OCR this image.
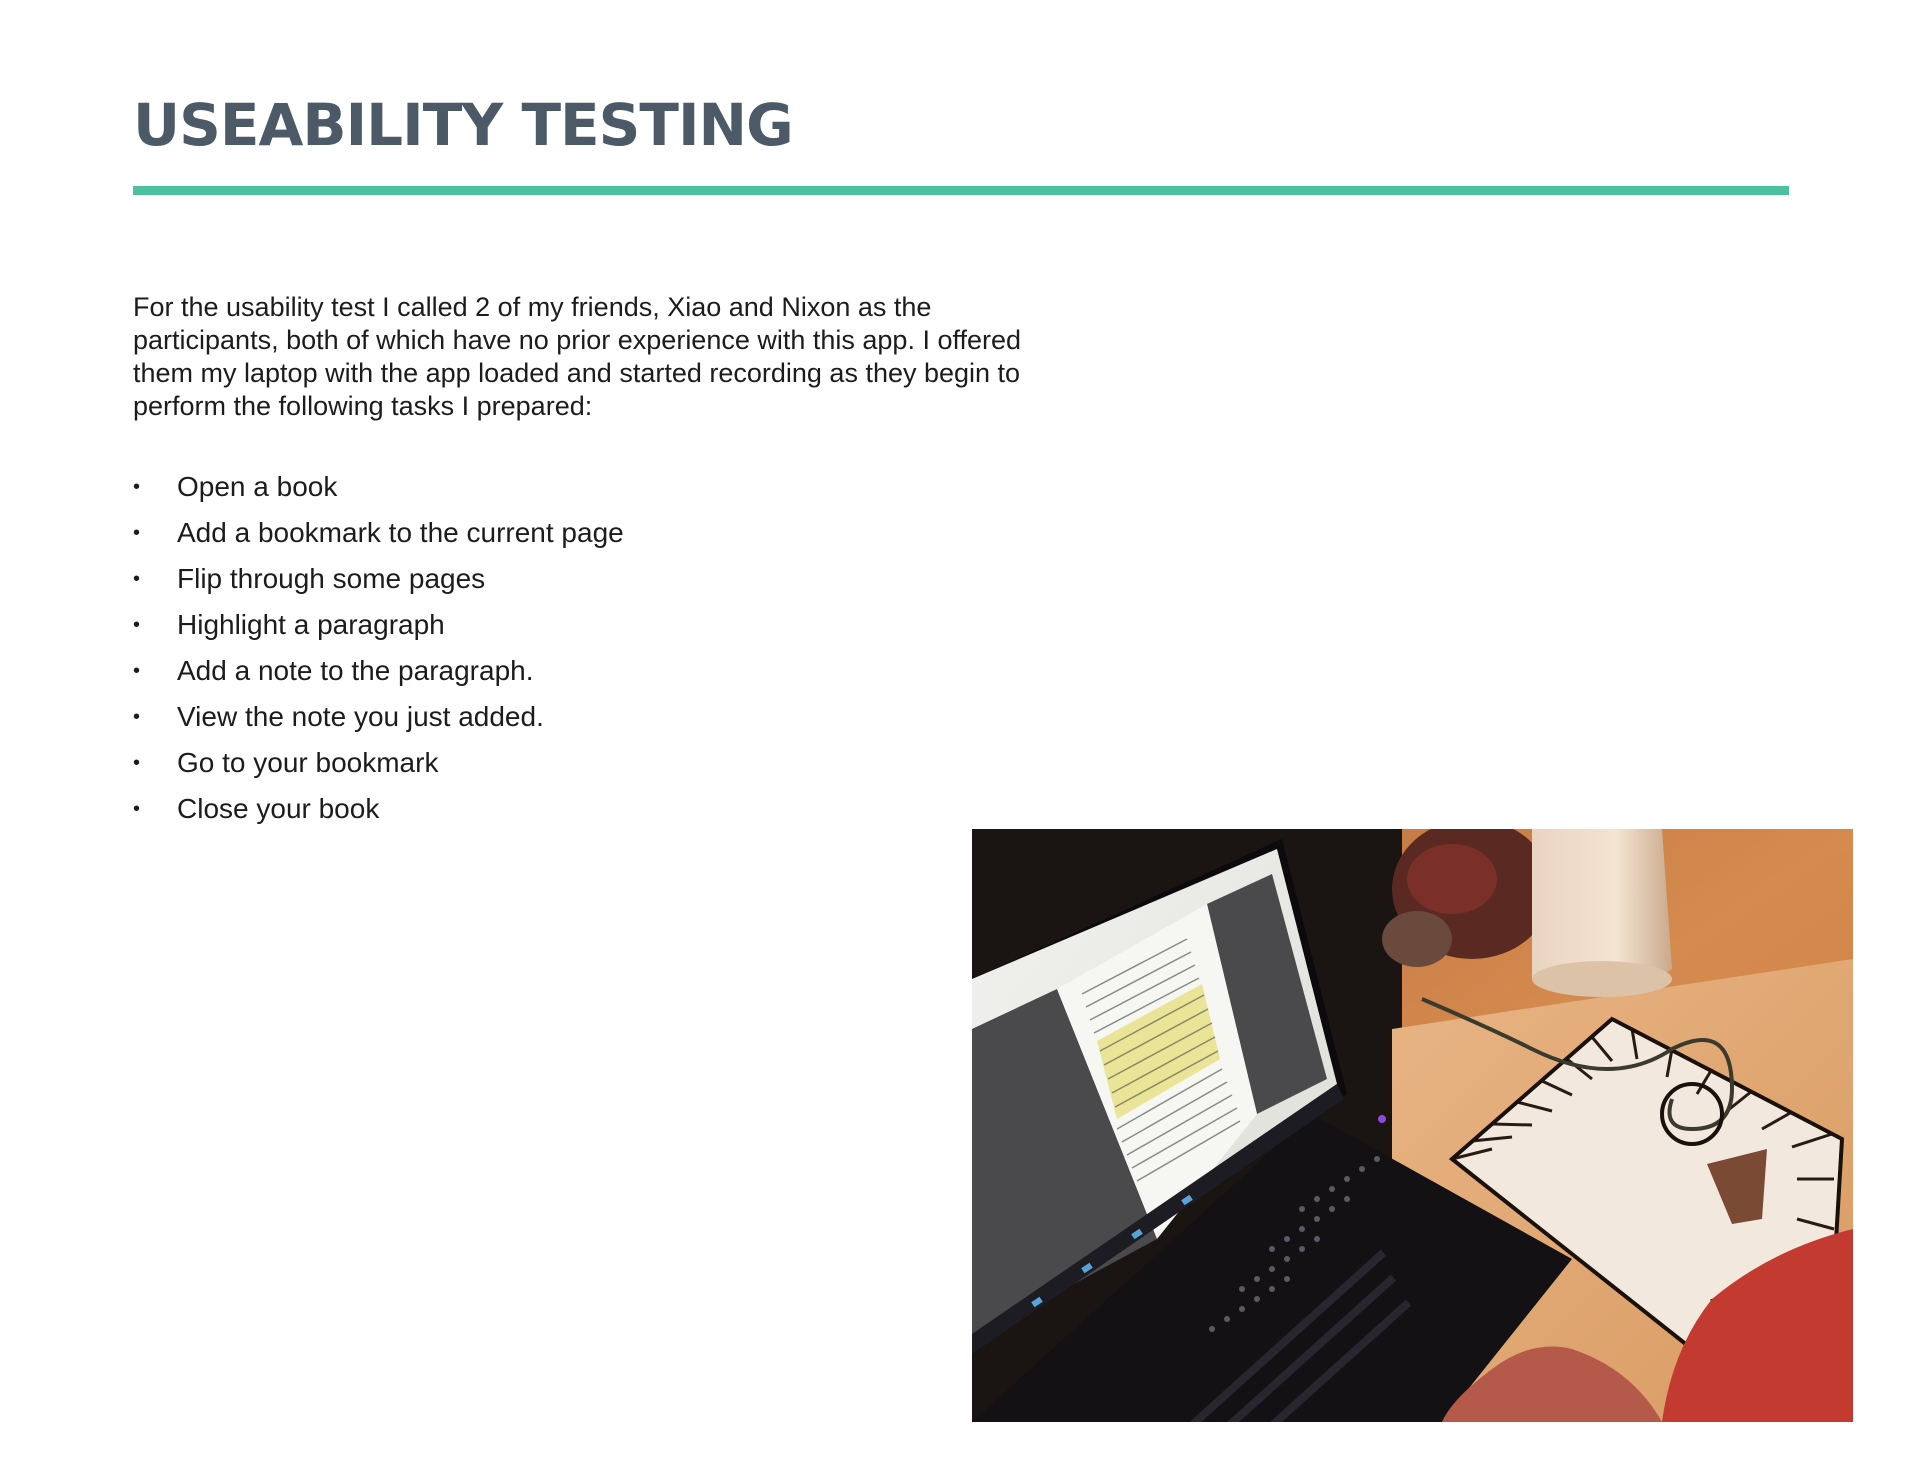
USEABILITY TESTING

For the usability test I called 2 of my friends, Xiao and Nixon as the participants, both of which have no prior experience with this app. I offered them my laptop with the app loaded and started recording as they begin to perform the following tasks I prepared:

• Open a book
• Add a bookmark to the current page
• Flip through some pages
• Highlight a paragraph
• Add a note to the paragraph.
• View the note you just added.
• Go to your bookmark
• Close your book
